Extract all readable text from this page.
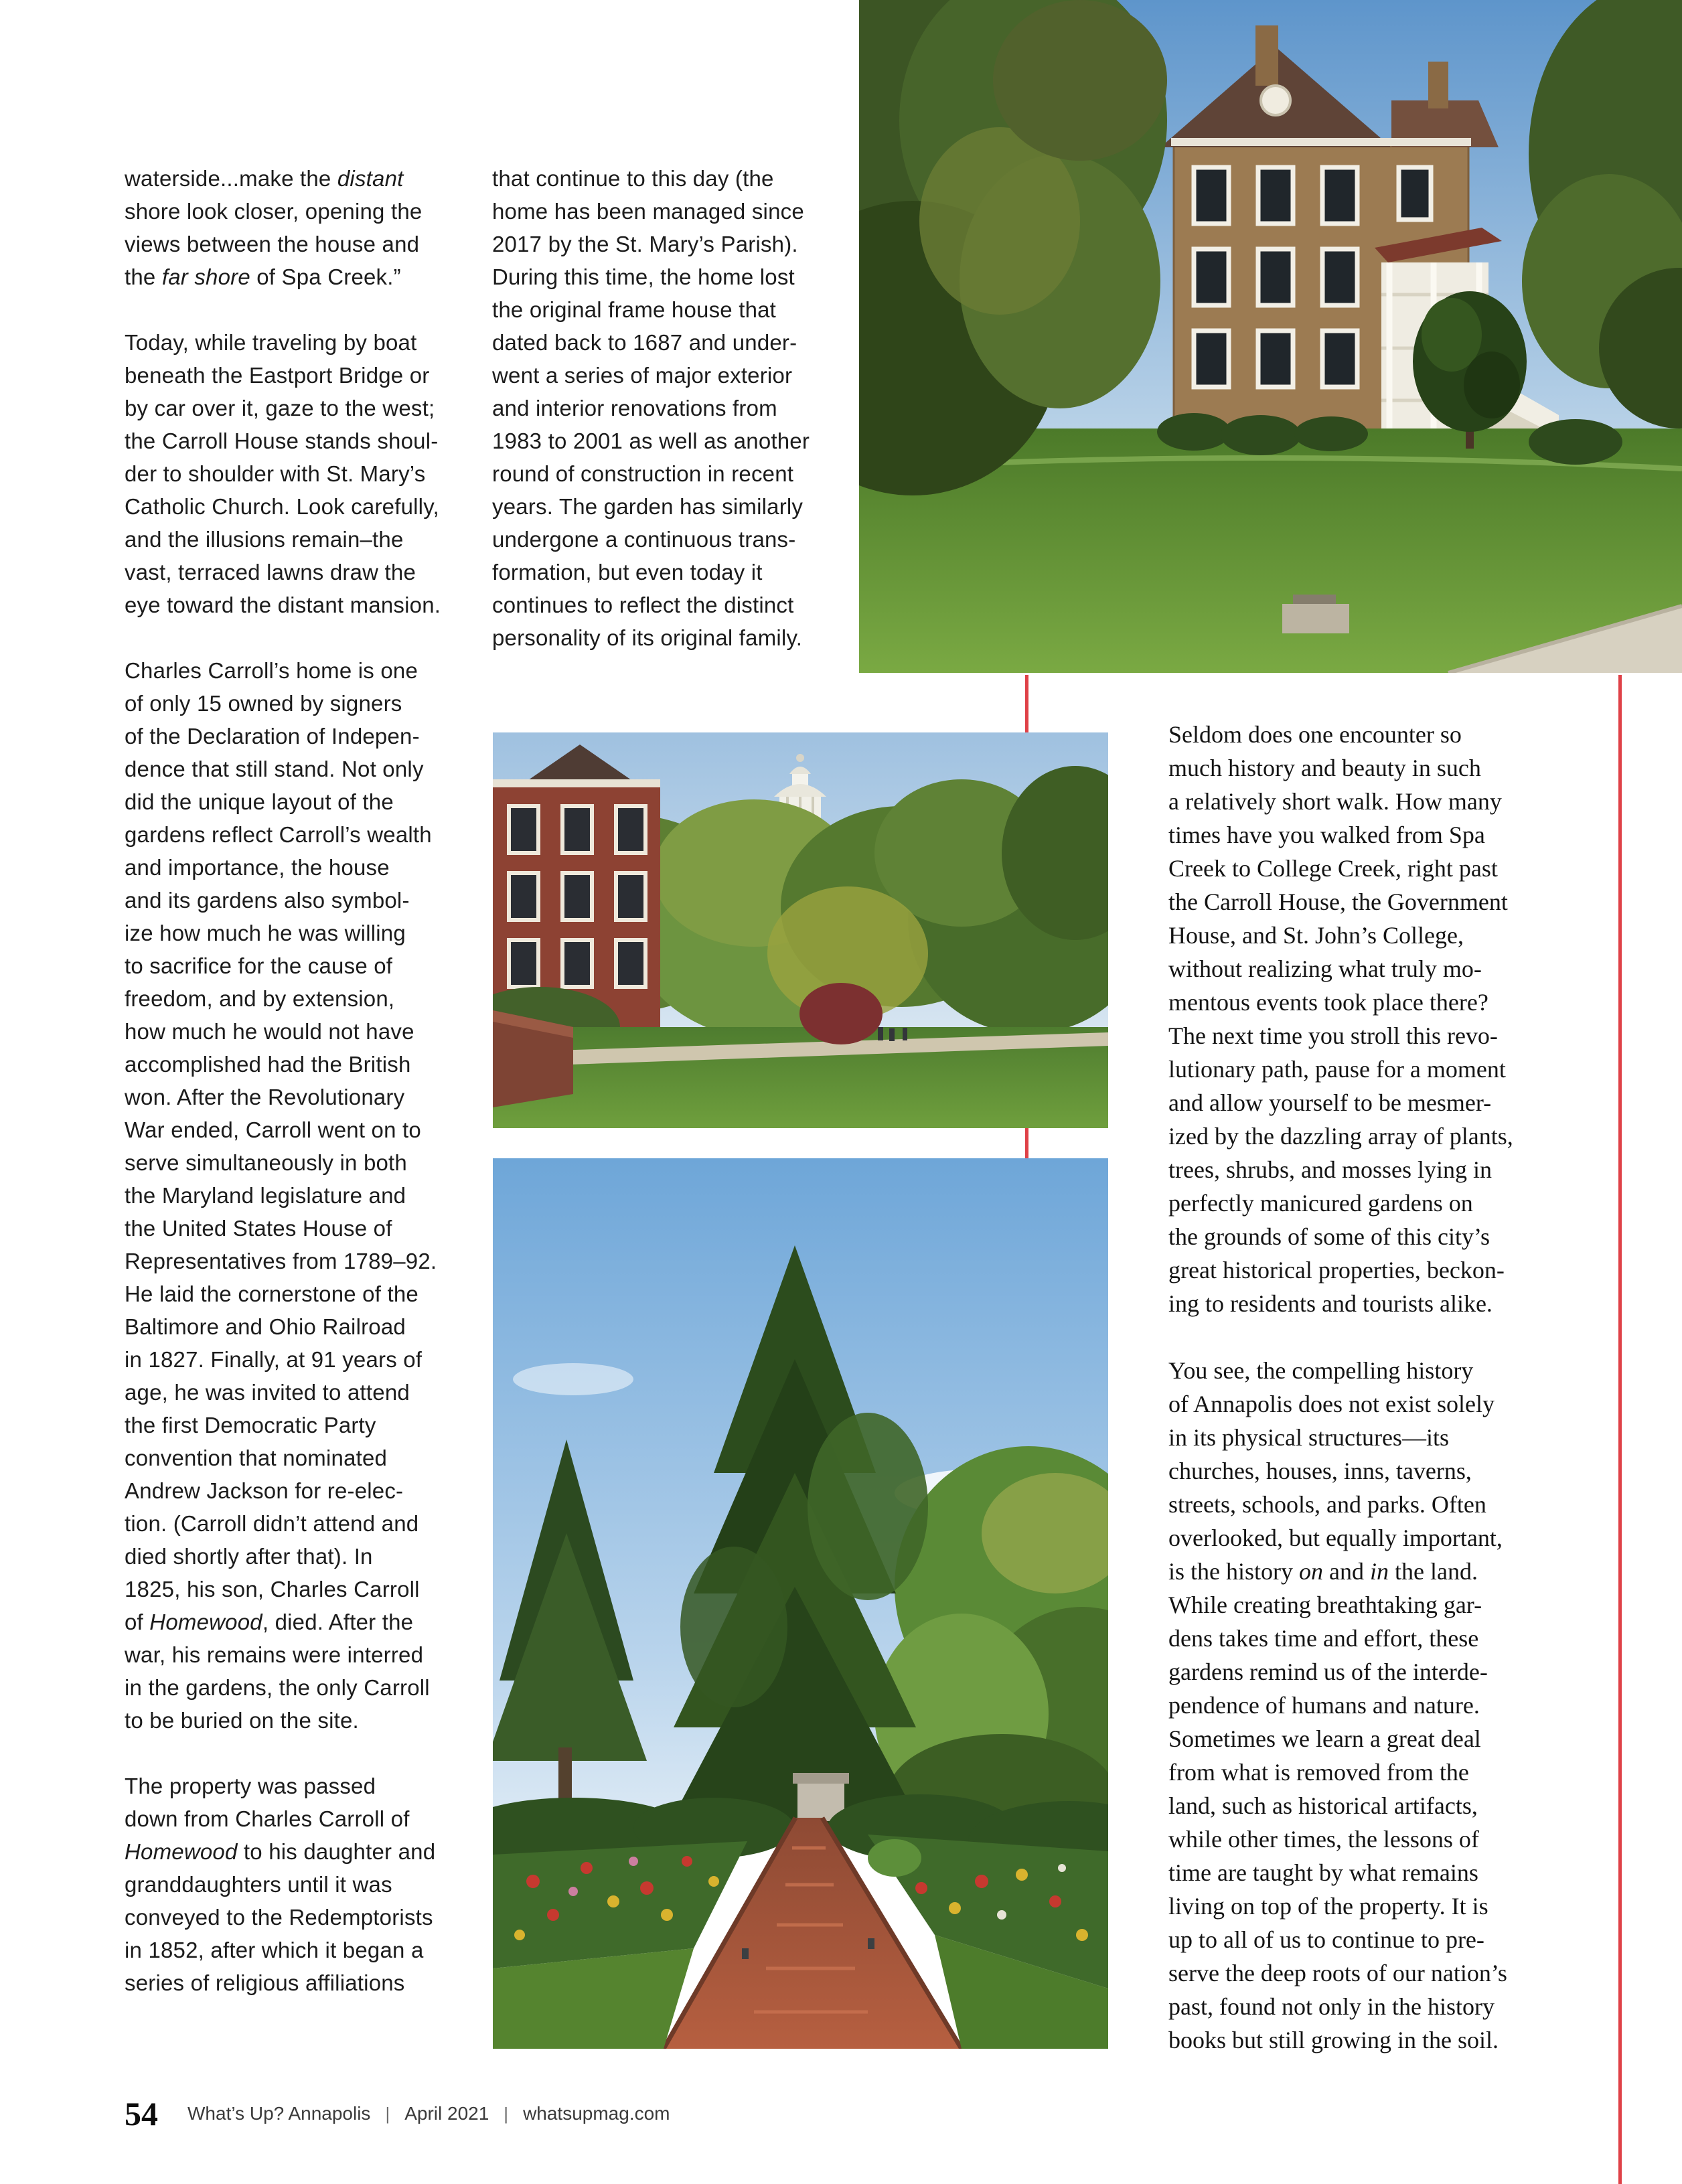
waterside...make the distant
shore look closer, opening the
views between the house and
the far shore of Spa Creek.”
Today, while traveling by boat
beneath the Eastport Bridge or
by car over it, gaze to the west;
the Carroll House stands shoul-
der to shoulder with St. Mary’s
Catholic Church. Look carefully,
and the illusions remain–the
vast, terraced lawns draw the
eye toward the distant mansion.
Charles Carroll’s home is one
of only 15 owned by signers
of the Declaration of Indepen-
dence that still stand. Not only
did the unique layout of the
gardens reflect Carroll’s wealth
and importance, the house
and its gardens also symbol-
ize how much he was willing
to sacrifice for the cause of
freedom, and by extension,
how much he would not have
accomplished had the British
won. After the Revolutionary
War ended, Carroll went on to
serve simultaneously in both
the Maryland legislature and
the United States House of
Representatives from 1789–92.
He laid the cornerstone of the
Baltimore and Ohio Railroad
in 1827. Finally, at 91 years of
age, he was invited to attend
the first Democratic Party
convention that nominated
Andrew Jackson for re-elec-
tion. (Carroll didn’t attend and
died shortly after that). In
1825, his son, Charles Carroll
of Homewood, died. After the
war, his remains were interred
in the gardens, the only Carroll
to be buried on the site.
The property was passed
down from Charles Carroll of
Homewood to his daughter and
granddaughters until it was
conveyed to the Redemptorists
in 1852, after which it began a
series of religious affiliations
that continue to this day (the
home has been managed since
2017 by the St. Mary’s Parish).
During this time, the home lost
the original frame house that
dated back to 1687 and under-
went a series of major exterior
and interior renovations from
1983 to 2001 as well as another
round of construction in recent
years. The garden has similarly
undergone a continuous trans-
formation, but even today it
continues to reflect the distinct
personality of its original family.
Seldom does one encounter so
much history and beauty in such
a relatively short walk. How many
times have you walked from Spa
Creek to College Creek, right past
the Carroll House, the Government
House, and St. John’s College,
without realizing what truly mo-
mentous events took place there?
The next time you stroll this revo-
lutionary path, pause for a moment
and allow yourself to be mesmer-
ized by the dazzling array of plants,
trees, shrubs, and mosses lying in
perfectly manicured gardens on
the grounds of some of this city’s
great historical properties, beckon-
ing to residents and tourists alike.
You see, the compelling history
of Annapolis does not exist solely
in its physical structures—its
churches, houses, inns, taverns,
streets, schools, and parks. Often
overlooked, but equally important,
is the history on and in the land.
While creating breathtaking gar-
dens takes time and effort, these
gardens remind us of the interde-
pendence of humans and nature.
Sometimes we learn a great deal
from what is removed from the
land, such as historical artifacts,
while other times, the lessons of
time are taught by what remains
living on top of the property. It is
up to all of us to continue to pre-
serve the deep roots of our nation’s
past, found not only in the history
books but still growing in the soil.
54 What’s Up? Annapolis | April 2021 | whatsupmag.com
